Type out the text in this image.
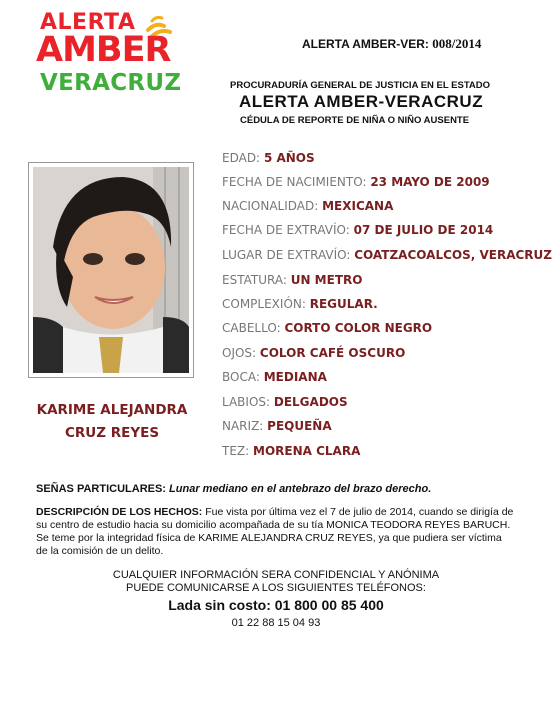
ALERTA
AMBER
VERACRUZ
ALERTA AMBER-VER: 008/2014
PROCURADURÍA GENERAL DE JUSTICIA EN EL ESTADO
ALERTA AMBER-VERACRUZ
CÉDULA DE REPORTE DE NIÑA O NIÑO AUSENTE
KARIME ALEJANDRA
CRUZ REYES
EDAD: 5 AÑOS
FECHA DE NACIMIENTO: 23 MAYO DE 2009
NACIONALIDAD: MEXICANA
FECHA DE EXTRAVÍO: 07 DE JULIO DE 2014
LUGAR DE EXTRAVÍO: COATZACOALCOS, VERACRUZ
ESTATURA: UN METRO
COMPLEXIÓN: REGULAR.
CABELLO: CORTO COLOR NEGRO
OJOS: COLOR CAFÉ OSCURO
BOCA: MEDIANA
LABIOS: DELGADOS
NARIZ: PEQUEÑA
TEZ: MORENA CLARA
SEÑAS PARTICULARES: Lunar mediano en el antebrazo del brazo derecho.
DESCRIPCIÓN DE LOS HECHOS: Fue vista por última vez el 7 de julio de 2014, cuando se dirigía de su centro de estudio hacia su domicilio acompañada de su tía MONICA TEODORA REYES BARUCH. Se teme por la integridad física de KARIME ALEJANDRA CRUZ REYES, ya que pudiera ser víctima de la comisión de un delito.
CUALQUIER INFORMACIÓN SERA CONFIDENCIAL Y ANÓNIMA
PUEDE COMUNICARSE A LOS SIGUIENTES TELÉFONOS:
Lada sin costo: 01 800 00 85 400
01 22 88 15 04 93
